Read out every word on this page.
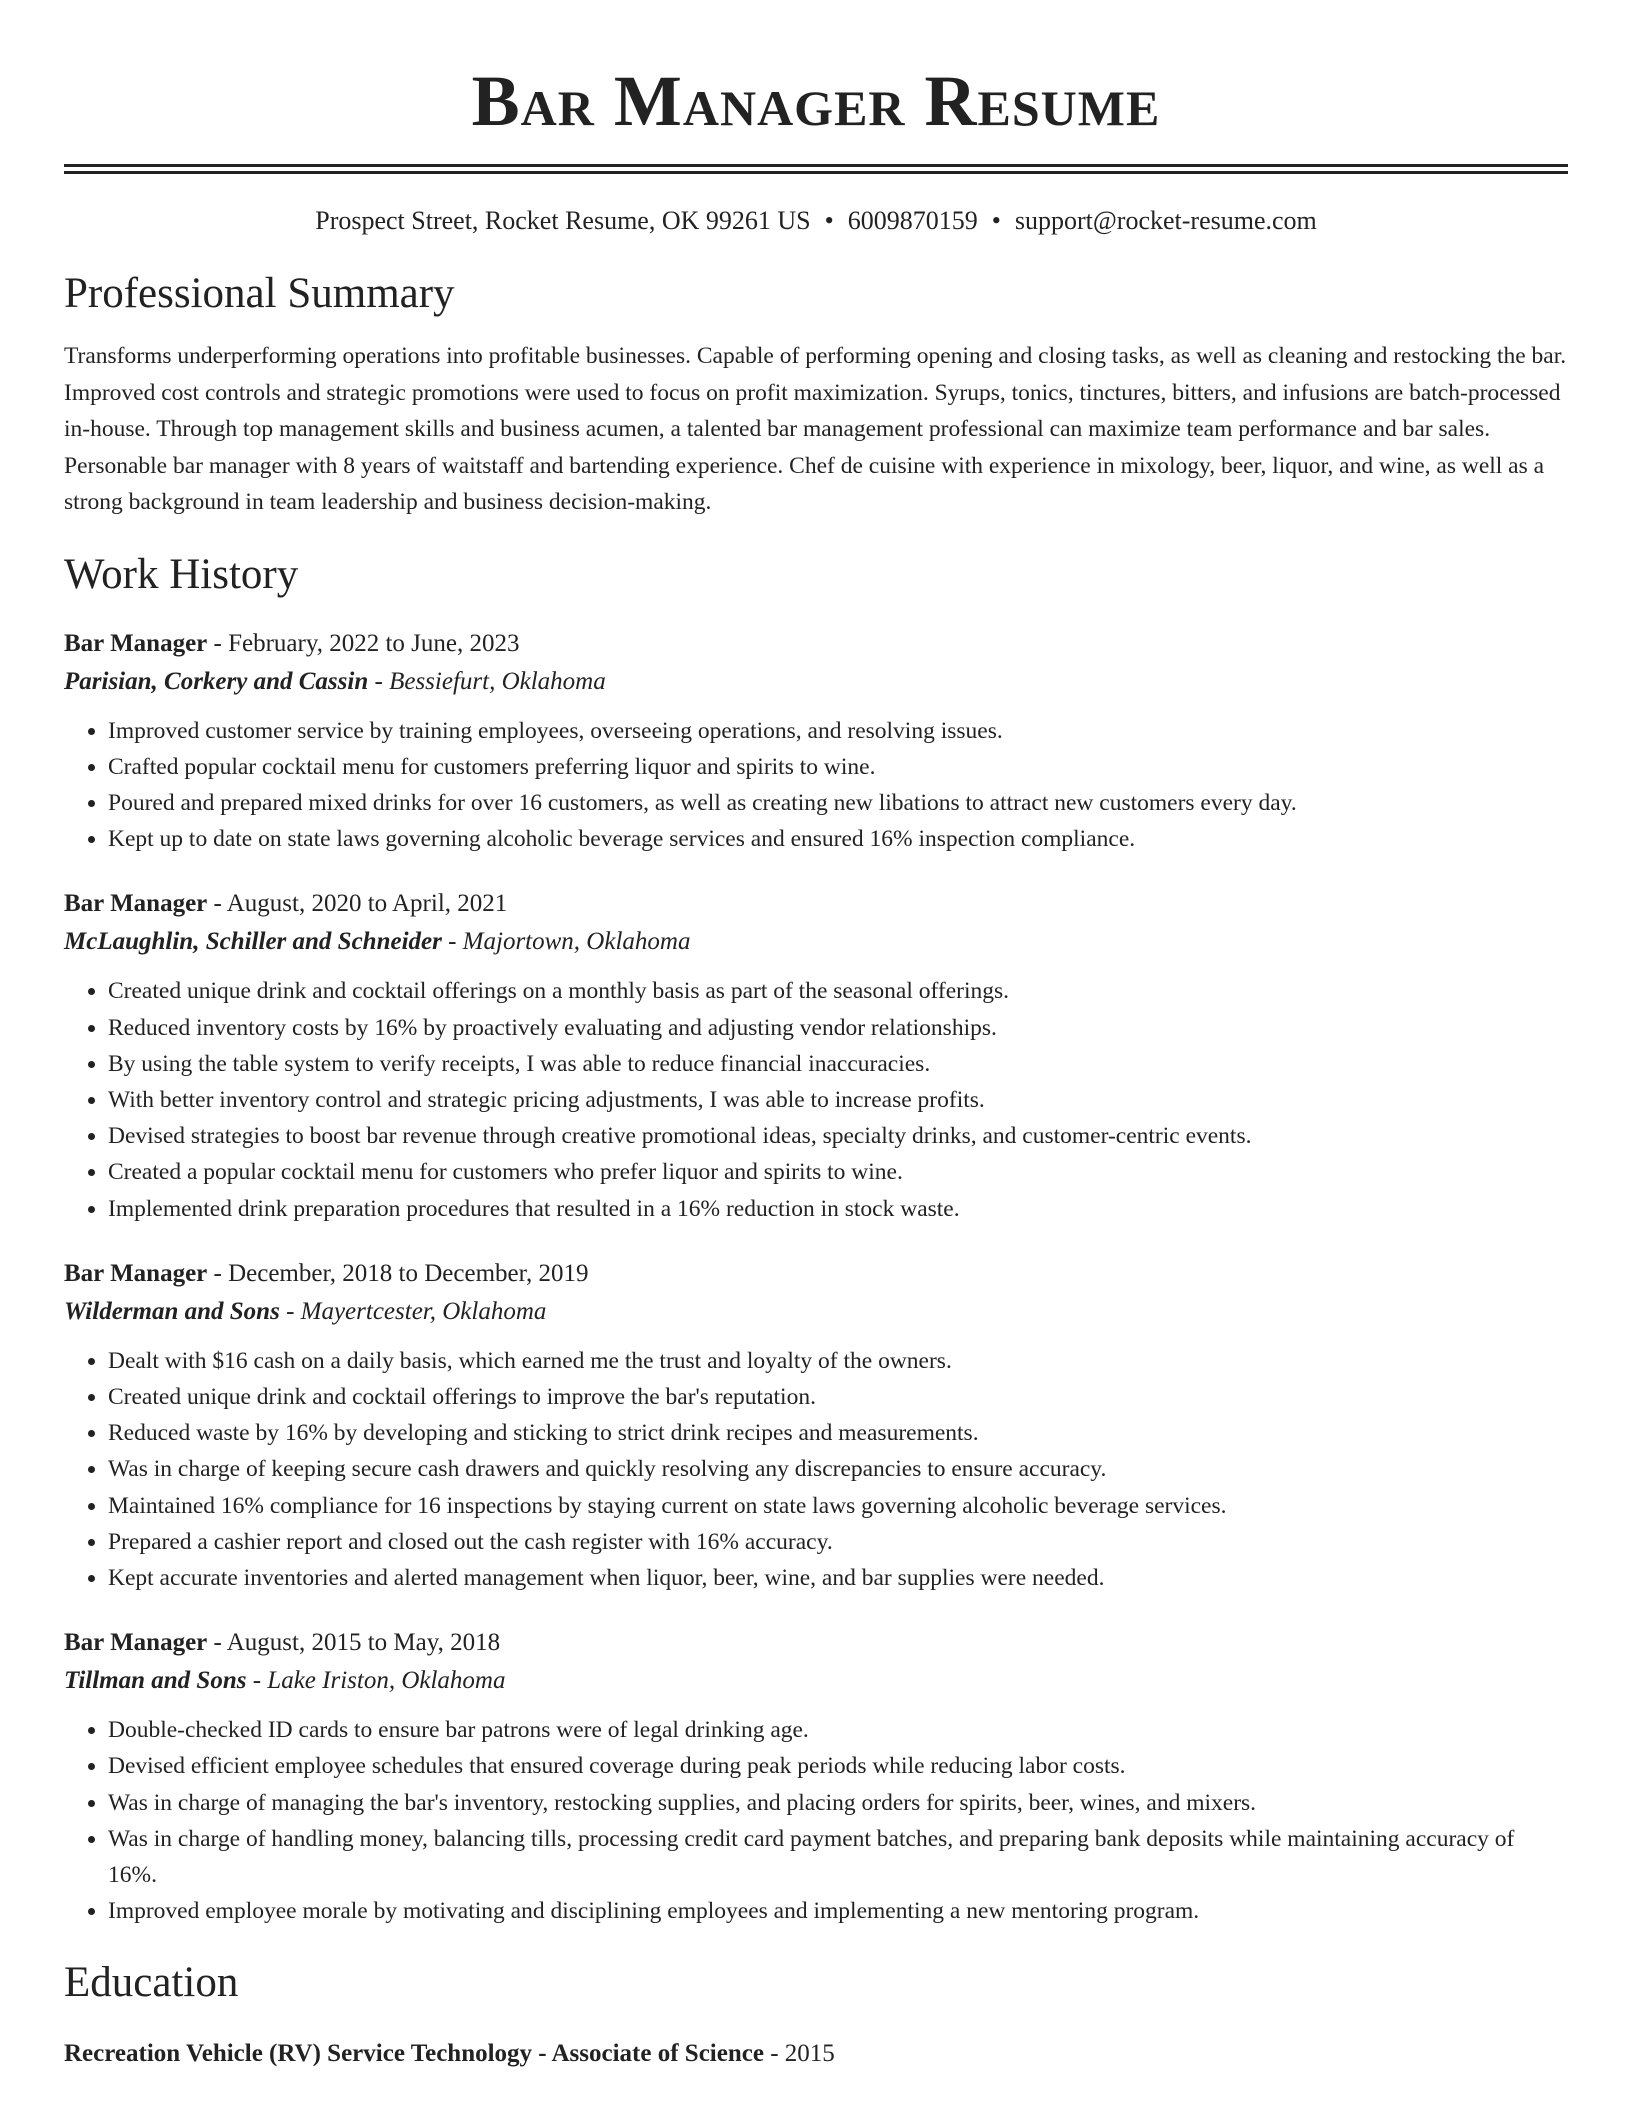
Bar Manager Resume
Prospect Street, Rocket Resume, OK 99261 US • 6009870159 • support@rocket-resume.com
Professional Summary

Transforms underperforming operations into profitable businesses. Capable of performing opening and closing tasks, as well as cleaning and restocking the bar. Improved cost controls and strategic promotions were used to focus on profit maximization. Syrups, tonics, tinctures, bitters, and infusions are batch-processed in-house. Through top management skills and business acumen, a talented bar management professional can maximize team performance and bar sales. Personable bar manager with 8 years of waitstaff and bartending experience. Chef de cuisine with experience in mixology, beer, liquor, and wine, as well as a strong background in team leadership and business decision-making.

Work History
Bar Manager - February, 2022 to June, 2023
Parisian, Corkery and Cassin - Bessiefurt, Oklahoma
• Improved customer service by training employees, overseeing operations, and resolving issues.
• Crafted popular cocktail menu for customers preferring liquor and spirits to wine.
• Poured and prepared mixed drinks for over 16 customers, as well as creating new libations to attract new customers every day.
• Kept up to date on state laws governing alcoholic beverage services and ensured 16% inspection compliance.
Bar Manager - August, 2020 to April, 2021
McLaughlin, Schiller and Schneider - Majortown, Oklahoma
• Created unique drink and cocktail offerings on a monthly basis as part of the seasonal offerings.
• Reduced inventory costs by 16% by proactively evaluating and adjusting vendor relationships.
• By using the table system to verify receipts, I was able to reduce financial inaccuracies.
• With better inventory control and strategic pricing adjustments, I was able to increase profits.
• Devised strategies to boost bar revenue through creative promotional ideas, specialty drinks, and customer-centric events.
• Created a popular cocktail menu for customers who prefer liquor and spirits to wine.
• Implemented drink preparation procedures that resulted in a 16% reduction in stock waste.
Bar Manager - December, 2018 to December, 2019
Wilderman and Sons - Mayertcester, Oklahoma
• Dealt with $16 cash on a daily basis, which earned me the trust and loyalty of the owners.
• Created unique drink and cocktail offerings to improve the bar's reputation.
• Reduced waste by 16% by developing and sticking to strict drink recipes and measurements.
• Was in charge of keeping secure cash drawers and quickly resolving any discrepancies to ensure accuracy.
• Maintained 16% compliance for 16 inspections by staying current on state laws governing alcoholic beverage services.
• Prepared a cashier report and closed out the cash register with 16% accuracy.
• Kept accurate inventories and alerted management when liquor, beer, wine, and bar supplies were needed.
Bar Manager - August, 2015 to May, 2018
Tillman and Sons - Lake Iriston, Oklahoma
• Double-checked ID cards to ensure bar patrons were of legal drinking age.
• Devised efficient employee schedules that ensured coverage during peak periods while reducing labor costs.
• Was in charge of managing the bar's inventory, restocking supplies, and placing orders for spirits, beer, wines, and mixers.
• Was in charge of handling money, balancing tills, processing credit card payment batches, and preparing bank deposits while maintaining accuracy of 16%.
• Improved employee morale by motivating and disciplining employees and implementing a new mentoring program.
Education
Recreation Vehicle (RV) Service Technology - Associate of Science - 2015
